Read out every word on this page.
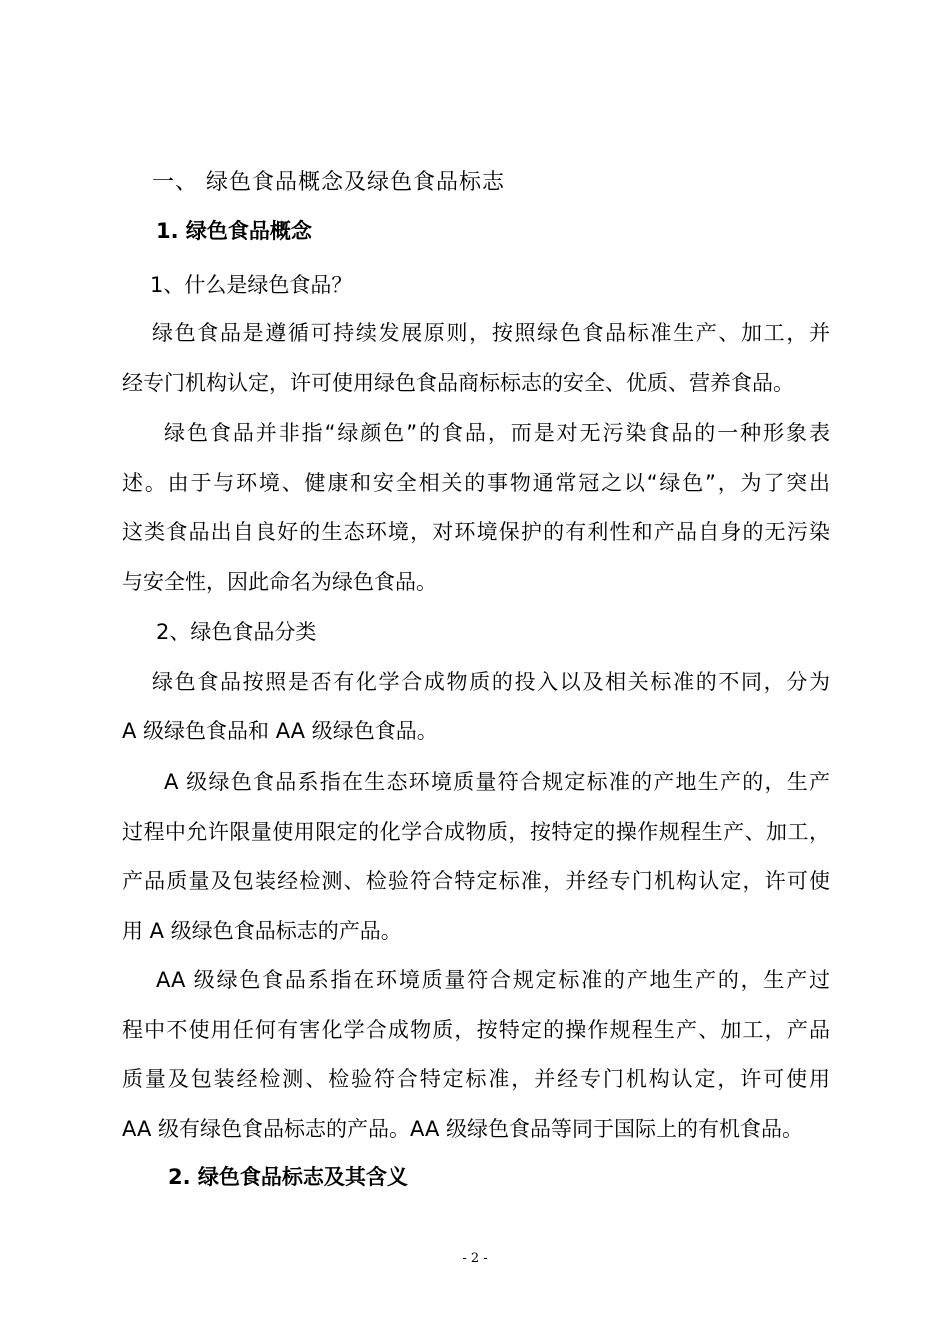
一、 绿色食品概念及绿色食品标志
1. 绿色食品概念
1、什么是绿色食品？
绿色食品是遵循可持续发展原则，按照绿色食品标准生产、加工，并
经专门机构认定，许可使用绿色食品商标标志的安全、优质、营养食品。
绿色食品并非指“绿颜色”的食品，而是对无污染食品的一种形象表
述。由于与环境、健康和安全相关的事物通常冠之以“绿色”，为了突出
这类食品出自良好的生态环境，对环境保护的有利性和产品自身的无污染
与安全性，因此命名为绿色食品。
2、绿色食品分类
绿色食品按照是否有化学合成物质的投入以及相关标准的不同，分为
A 级绿色食品和 AA 级绿色食品。
A 级绿色食品系指在生态环境质量符合规定标准的产地生产的，生产
过程中允许限量使用限定的化学合成物质，按特定的操作规程生产、加工，
产品质量及包装经检测、检验符合特定标准，并经专门机构认定，许可使
用 A 级绿色食品标志的产品。
AA 级绿色食品系指在环境质量符合规定标准的产地生产的，生产过
程中不使用任何有害化学合成物质，按特定的操作规程生产、加工，产品
质量及包装经检测、检验符合特定标准，并经专门机构认定，许可使用
AA 级有绿色食品标志的产品。AA 级绿色食品等同于国际上的有机食品。
2. 绿色食品标志及其含义
- 2 -
